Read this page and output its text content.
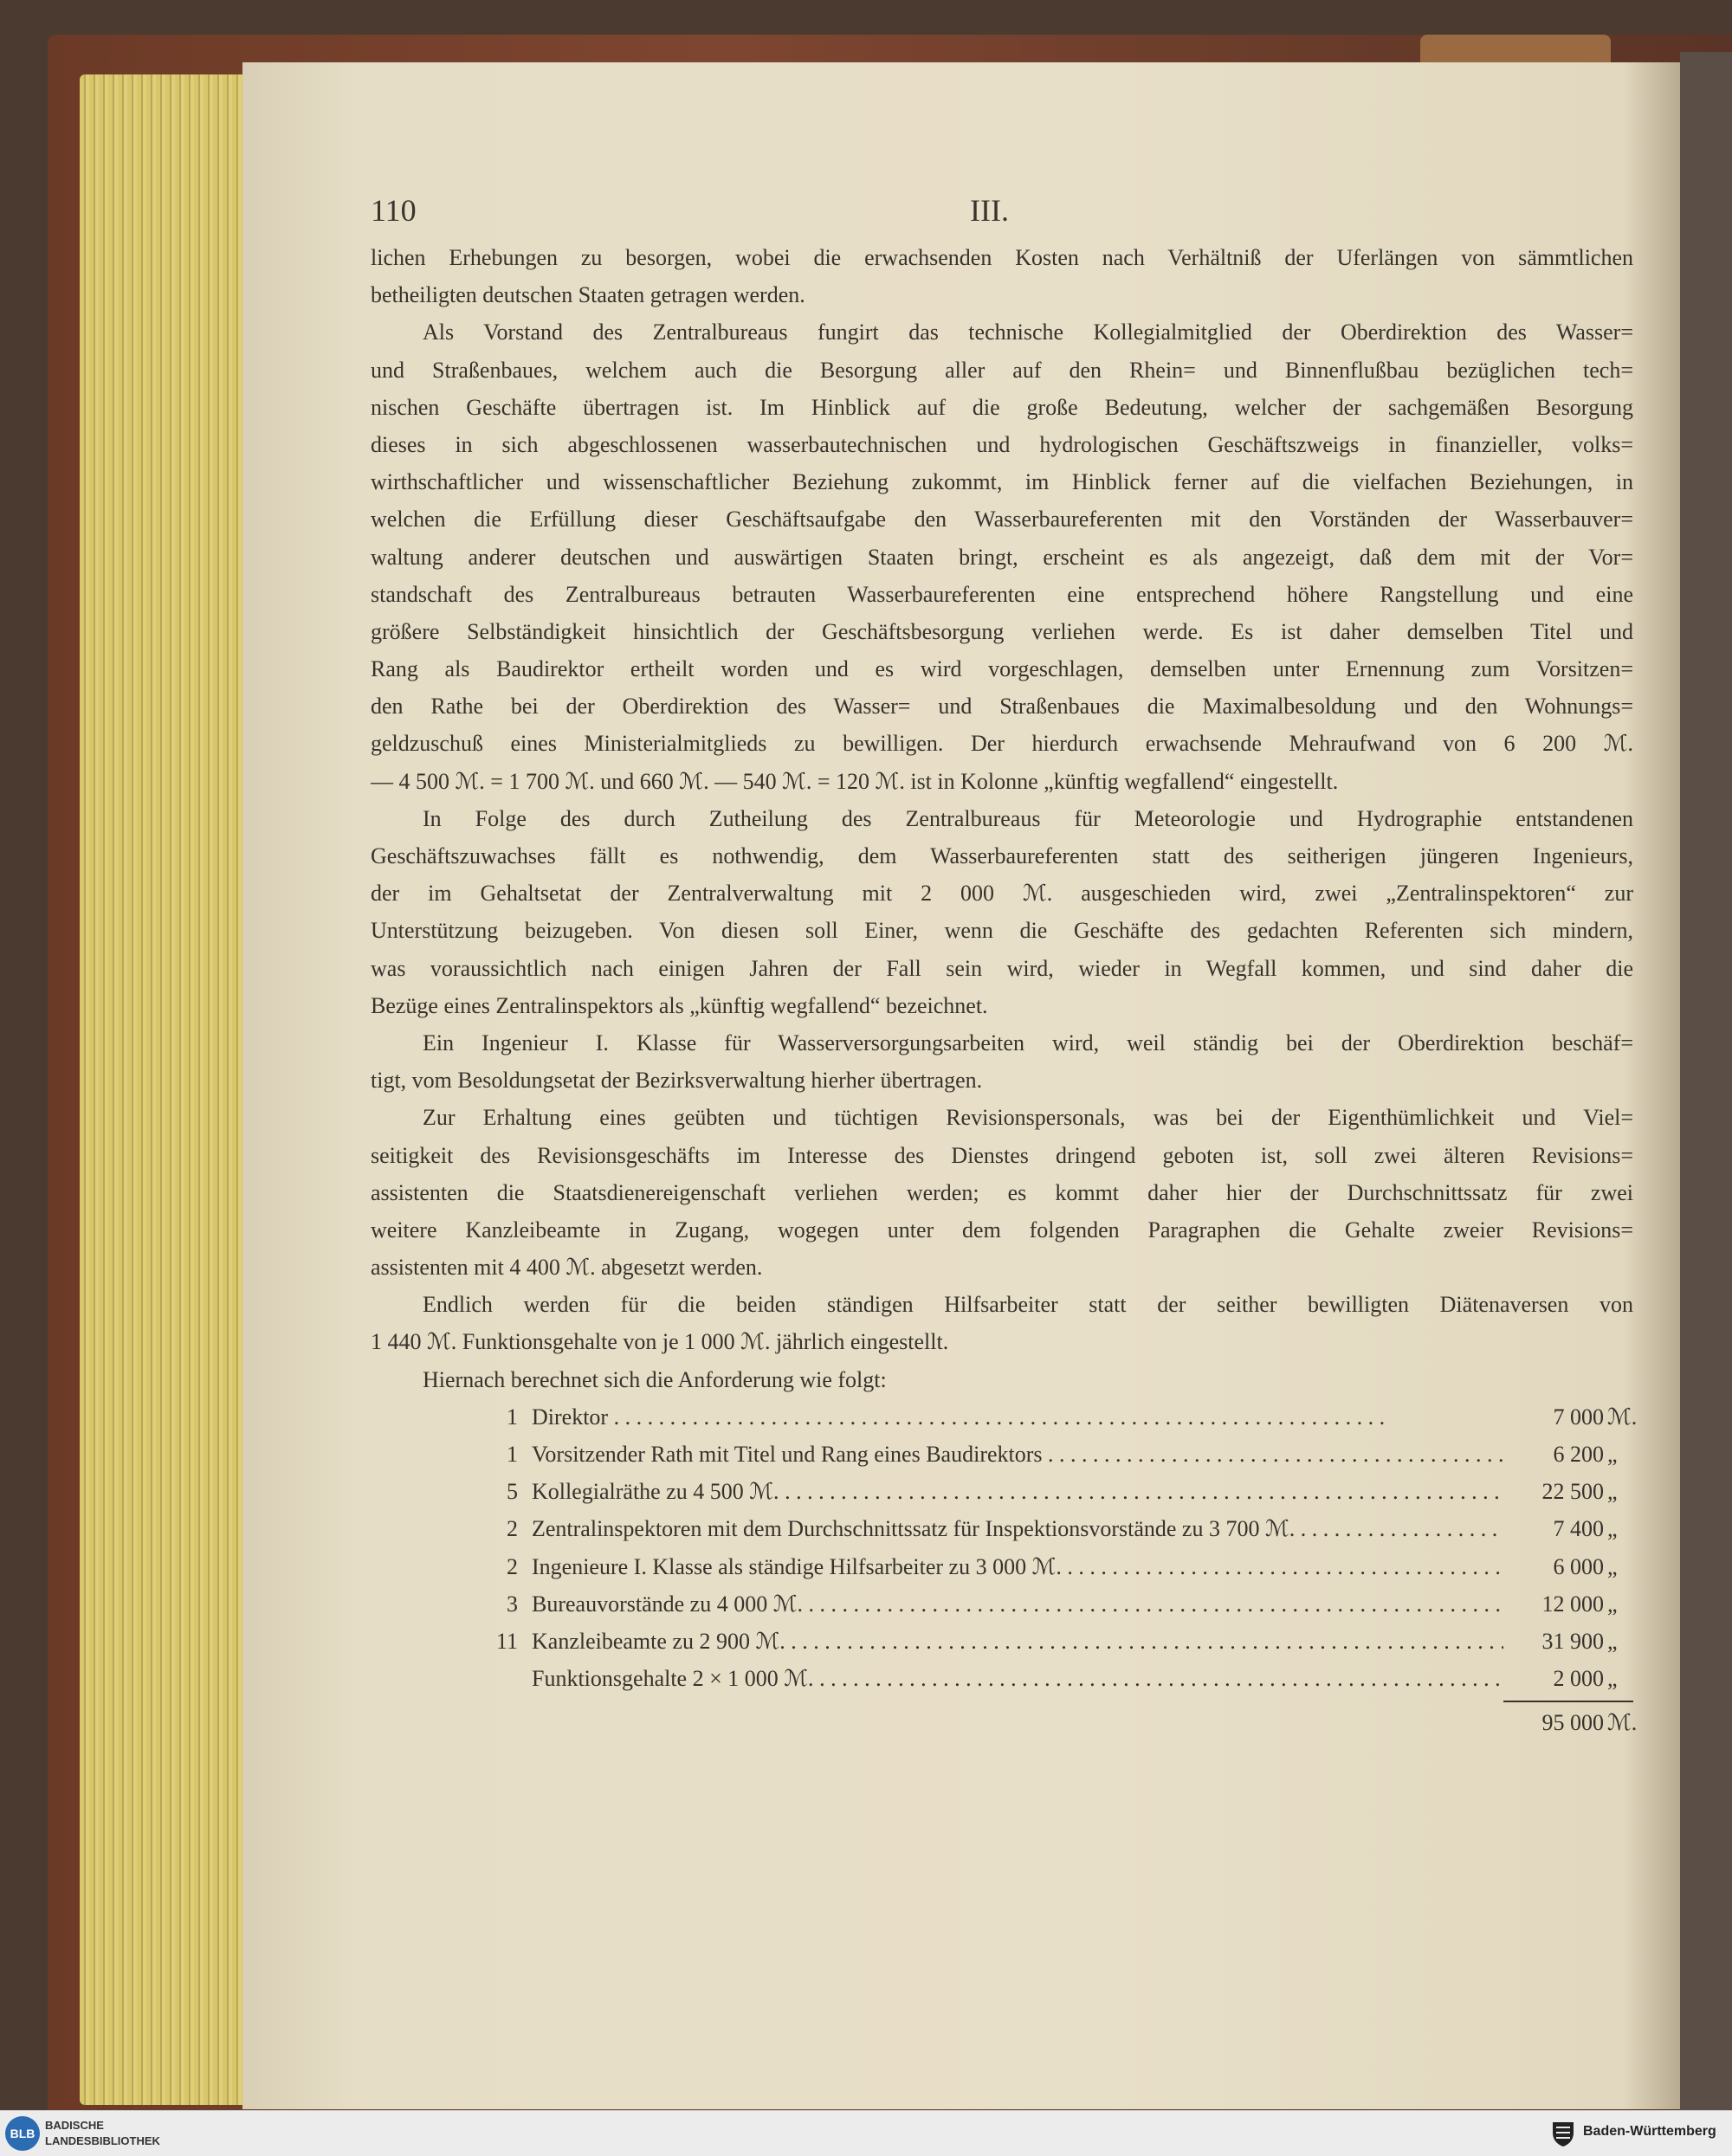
110	III.
lichen Erhebungen zu besorgen, wobei die erwachsenden Kosten nach Verhältniß der Uferlängen von sämmtlichen
betheiligten deutschen Staaten getragen werden.
Als Vorstand des Zentralbureaus fungirt das technische Kollegialmitglied der Oberdirektion des Wasser=
und Straßenbaues, welchem auch die Besorgung aller auf den Rhein= und Binnenflußbau bezüglichen tech=
nischen Geschäfte übertragen ist. Im Hinblick auf die große Bedeutung, welcher der sachgemäßen Besorgung
dieses in sich abgeschlossenen wasserbautechnischen und hydrologischen Geschäftszweigs in finanzieller, volks=
wirthschaftlicher und wissenschaftlicher Beziehung zukommt, im Hinblick ferner auf die vielfachen Beziehungen, in
welchen die Erfüllung dieser Geschäftsaufgabe den Wasserbaureferenten mit den Vorständen der Wasserbauver=
waltung anderer deutschen und auswärtigen Staaten bringt, erscheint es als angezeigt, daß dem mit der Vor=
standschaft des Zentralbureaus betrauten Wasserbaureferenten eine entsprechend höhere Rangstellung und eine
größere Selbständigkeit hinsichtlich der Geschäftsbesorgung verliehen werde. Es ist daher demselben Titel und
Rang als Baudirektor ertheilt worden und es wird vorgeschlagen, demselben unter Ernennung zum Vorsitzen=
den Rathe bei der Oberdirektion des Wasser= und Straßenbaues die Maximalbesoldung und den Wohnungs=
geldzuschuß eines Ministerialmitglieds zu bewilligen. Der hierdurch erwachsende Mehraufwand von 6 200 ℳ.
— 4 500 ℳ. = 1 700 ℳ. und 660 ℳ. — 540 ℳ. = 120 ℳ. ist in Kolonne „künftig wegfallend“ eingestellt.
In Folge des durch Zutheilung des Zentralbureaus für Meteorologie und Hydrographie entstandenen
Geschäftszuwachses fällt es nothwendig, dem Wasserbaureferenten statt des seitherigen jüngeren Ingenieurs,
der im Gehaltsetat der Zentralverwaltung mit 2 000 ℳ. ausgeschieden wird, zwei „Zentralinspektoren“ zur
Unterstützung beizugeben. Von diesen soll Einer, wenn die Geschäfte des gedachten Referenten sich mindern,
was voraussichtlich nach einigen Jahren der Fall sein wird, wieder in Wegfall kommen, und sind daher die
Bezüge eines Zentralinspektors als „künftig wegfallend“ bezeichnet.
Ein Ingenieur I. Klasse für Wasserversorgungsarbeiten wird, weil ständig bei der Oberdirektion beschäf=
tigt, vom Besoldungsetat der Bezirksverwaltung hierher übertragen.
Zur Erhaltung eines geübten und tüchtigen Revisionspersonals, was bei der Eigenthümlichkeit und Viel=
seitigkeit des Revisionsgeschäfts im Interesse des Dienstes dringend geboten ist, soll zwei älteren Revisions=
assistenten die Staatsdienereigenschaft verliehen werden; es kommt daher hier der Durchschnittssatz für zwei
weitere Kanzleibeamte in Zugang, wogegen unter dem folgenden Paragraphen die Gehalte zweier Revisions=
assistenten mit 4 400 ℳ. abgesetzt werden.
Endlich werden für die beiden ständigen Hilfsarbeiter statt der seither bewilligten Diätenaversen von
1 440 ℳ. Funktionsgehalte von je 1 000 ℳ. jährlich eingestellt.
Hiernach berechnet sich die Anforderung wie folgt:
1 Direktor . . .	7 000 ℳ.
1 Vorsitzender Rath mit Titel und Rang eines Baudirektors . . .	6 200 „
5 Kollegialräthe zu 4 500 ℳ. . . .	22 500 „
2 Zentralinspektoren mit dem Durchschnittssatz für Inspektionsvorstände zu 3 700 ℳ. . . .	7 400 „
2 Ingenieure I. Klasse als ständige Hilfsarbeiter zu 3 000 ℳ. . . .	6 000 „
3 Bureauvorstände zu 4 000 ℳ. . . .	12 000 „
11 Kanzleibeamte zu 2 900 ℳ. . . .	31 900 „
Funktionsgehalte 2 × 1 000 ℳ. . . .	2 000 „
95 000 ℳ.
BLB
BADISCHE
LANDESBIBLIOTHEK
Baden-Württemberg
